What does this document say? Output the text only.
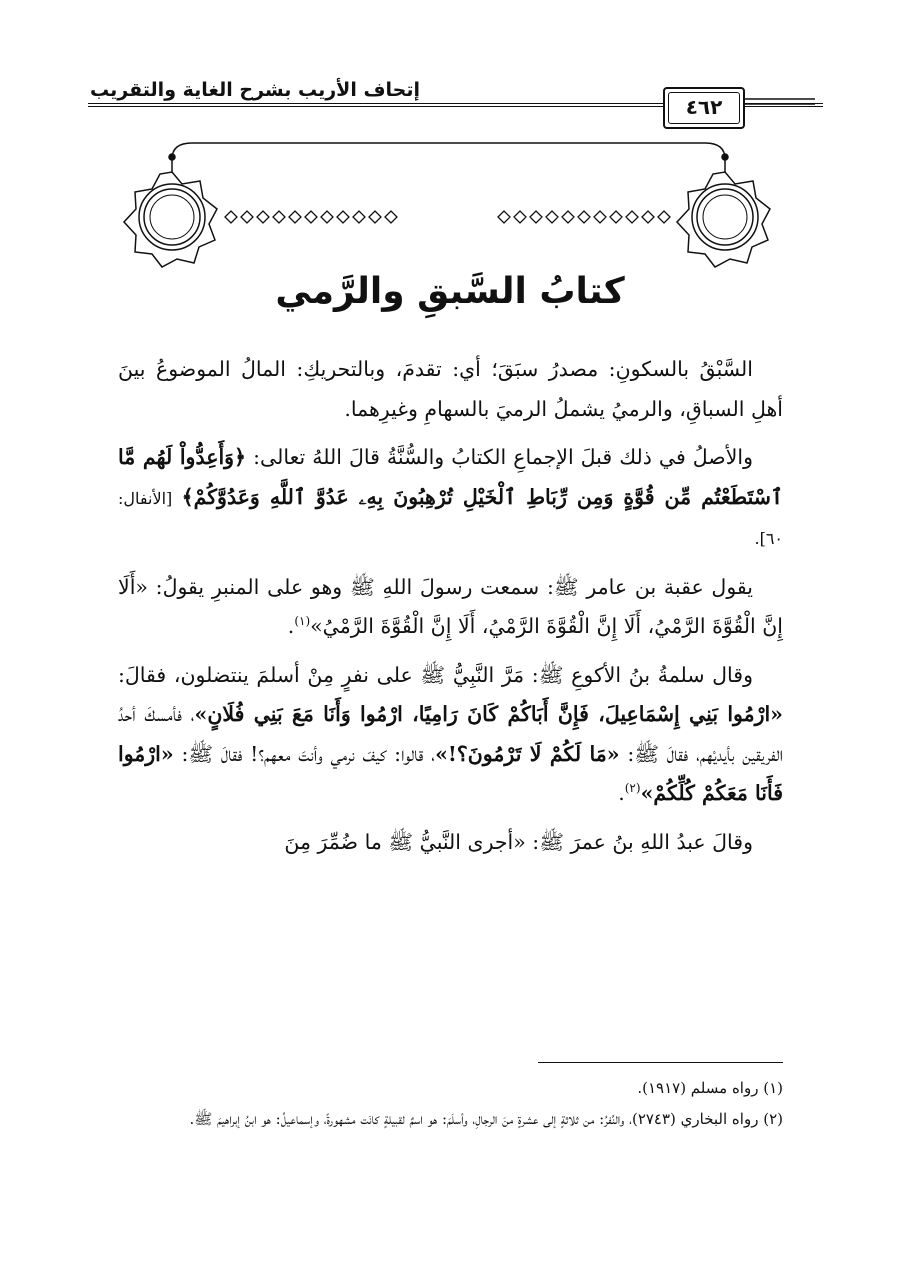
إتحاف الأريب بشرح الغاية والتقريب
٤٦٢
كتابُ السَّبقِ والرَّمي

السَّبْقُ بالسكونِ: مصدرُ سبَقَ؛ أي: تقدمَ، وبالتحريكِ: المالُ الموضوعُ بينَ أهلِ السباقِ، والرميُ يشملُ الرميَ بالسهامِ وغيرِهما.

والأصلُ في ذلك قبلَ الإجماعِ الكتابُ والسُّنَّةُ قالَ اللهُ تعالى: ﴿وَأَعِدُّواْ لَهُم مَّا ٱسْتَطَعْتُم مِّن قُوَّةٍ وَمِن رِّبَاطِ ٱلْخَيْلِ تُرْهِبُونَ بِهِۦ عَدُوَّ ٱللَّهِ وَعَدُوَّكُمْ﴾ [الأنفال: ٦٠].

يقول عقبة بن عامر ﷺ: سمعت رسولَ اللهِ ﷺ وهو على المنبرِ يقولُ: «أَلَا إِنَّ الْقُوَّةَ الرَّمْيُ، أَلَا إِنَّ الْقُوَّةَ الرَّمْيُ، أَلَا إِنَّ الْقُوَّةَ الرَّمْيُ»$^{(١)}$.

وقال سلمةُ بنُ الأكوعِ ﷺ: مَرَّ النَّبِيُّ ﷺ على نفرٍ مِنْ أسلمَ ينتضلون، فقالَ: «ارْمُوا بَنِي إِسْمَاعِيلَ، فَإِنَّ أَبَاكُمْ كَانَ رَامِيًا، ارْمُوا وَأَنَا مَعَ بَنِي فُلَانٍ»، فأمسكَ أحدُ الفريقين بأيديْهم، فقالَ ﷺ: «مَا لَكُمْ لَا تَرْمُونَ؟!»، قالوا: كيفَ نرمي وأنتَ معهم؟! فقالَ ﷺ: «ارْمُوا فَأَنَا مَعَكُمْ كُلِّكُمْ»$^{(٢)}$.

وقالَ عبدُ اللهِ بنُ عمرَ ﷺ: «أجرى النَّبيُّ ﷺ ما ضُمِّرَ مِنَ

(١) رواه مسلم (١٩١٧).

(٢) رواه البخاري (٢٧٤٣)، والنَّفرُ: من ثلاثةٍ إلى عشرةٍ منَ الرجالِ، وأسلَمَ: هو اسمٌ لقبيلةٍ كانَت مشهورةً، وإسماعيلُ: هو ابنُ إبراهيمَ ﷺ.
